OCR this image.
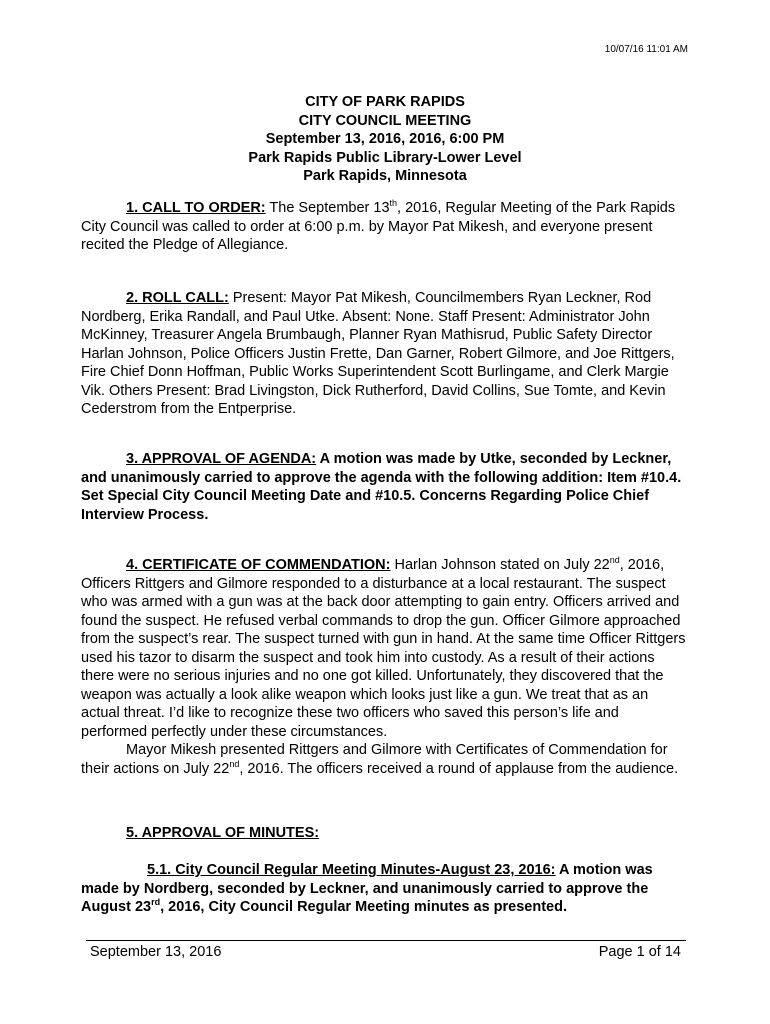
10/07/16 11:01 AM
CITY OF PARK RAPIDS
CITY COUNCIL MEETING
September 13, 2016, 2016, 6:00 PM
Park Rapids Public Library-Lower Level
Park Rapids, Minnesota
1. CALL TO ORDER: The September 13th, 2016, Regular Meeting of the Park Rapids City Council was called to order at 6:00 p.m. by Mayor Pat Mikesh, and everyone present recited the Pledge of Allegiance.
2. ROLL CALL: Present: Mayor Pat Mikesh, Councilmembers Ryan Leckner, Rod Nordberg, Erika Randall, and Paul Utke. Absent: None. Staff Present: Administrator John McKinney, Treasurer Angela Brumbaugh, Planner Ryan Mathisrud, Public Safety Director Harlan Johnson, Police Officers Justin Frette, Dan Garner, Robert Gilmore, and Joe Rittgers, Fire Chief Donn Hoffman, Public Works Superintendent Scott Burlingame, and Clerk Margie Vik. Others Present: Brad Livingston, Dick Rutherford, David Collins, Sue Tomte, and Kevin Cederstrom from the Entperprise.
3. APPROVAL OF AGENDA: A motion was made by Utke, seconded by Leckner, and unanimously carried to approve the agenda with the following addition: Item #10.4. Set Special City Council Meeting Date and #10.5. Concerns Regarding Police Chief Interview Process.
4. CERTIFICATE OF COMMENDATION: Harlan Johnson stated on July 22nd, 2016, Officers Rittgers and Gilmore responded to a disturbance at a local restaurant. The suspect who was armed with a gun was at the back door attempting to gain entry. Officers arrived and found the suspect. He refused verbal commands to drop the gun. Officer Gilmore approached from the suspect’s rear. The suspect turned with gun in hand. At the same time Officer Rittgers used his tazor to disarm the suspect and took him into custody. As a result of their actions there were no serious injuries and no one got killed. Unfortunately, they discovered that the weapon was actually a look alike weapon which looks just like a gun. We treat that as an actual threat. I’d like to recognize these two officers who saved this person’s life and performed perfectly under these circumstances.
Mayor Mikesh presented Rittgers and Gilmore with Certificates of Commendation for their actions on July 22nd, 2016. The officers received a round of applause from the audience.
5. APPROVAL OF MINUTES:
5.1. City Council Regular Meeting Minutes-August 23, 2016: A motion was made by Nordberg, seconded by Leckner, and unanimously carried to approve the August 23rd, 2016, City Council Regular Meeting minutes as presented.
September 13, 2016	Page 1 of 14
